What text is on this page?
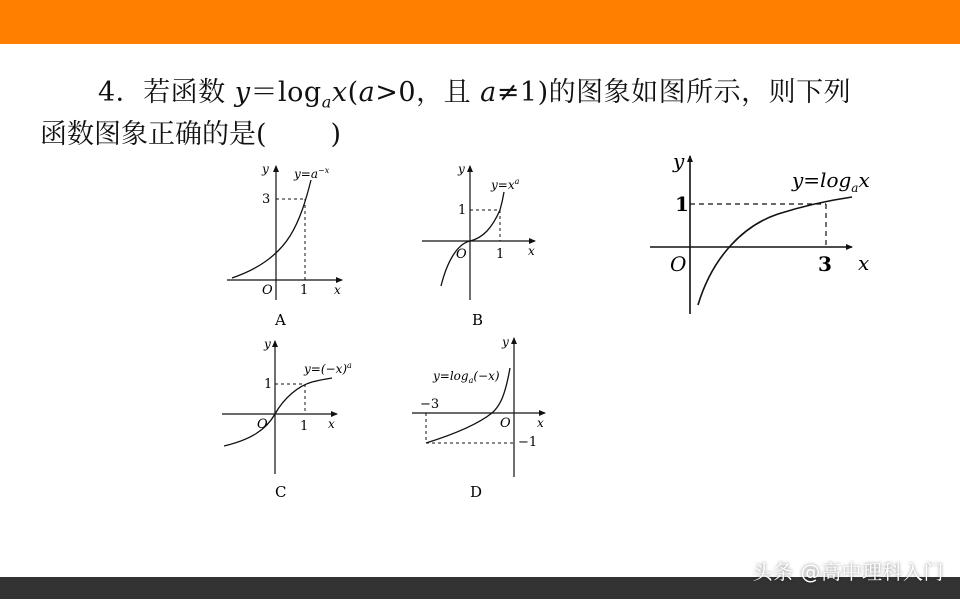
4．若函数 $y=\log_ax(a>0$，且 a≠1)的图象如图所示，则下列
函数图象正确的是( )
y
x
O
1
3
$y=\log_ax$
y
x
O
3
1
$y=a^{-x}$
A
y
x
O
1
1
$y=x^a$
B
y
x
O
1
1
$y=(-x)^a$
C
y
x
O
−3
−1
$y=\log_a(-x)$
D
头条 @高中理科入门
